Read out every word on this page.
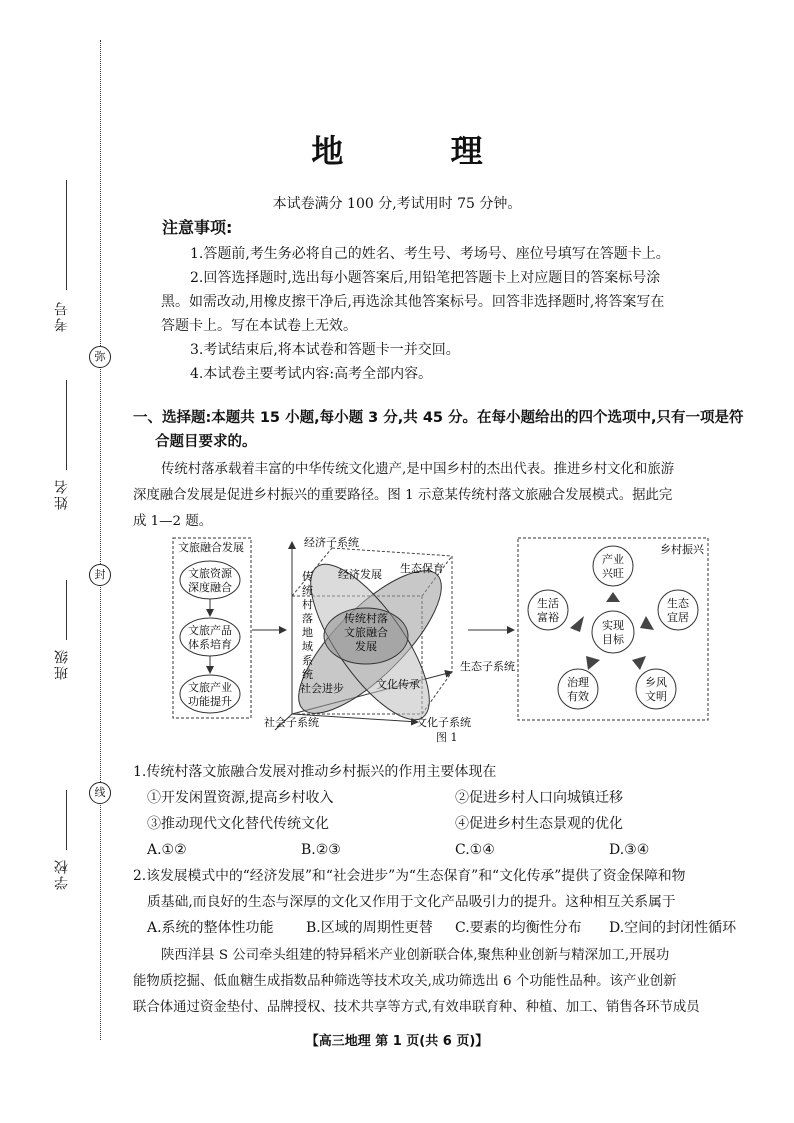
弥
封
线
考号
姓名
班级
学校
地 理
本试卷满分 100 分,考试用时 75 分钟。
注意事项:
1.答题前,考生务必将自己的姓名、考生号、考场号、座位号填写在答题卡上。
2.回答选择题时,选出每小题答案后,用铅笔把答题卡上对应题目的答案标号涂
黑。如需改动,用橡皮擦干净后,再选涂其他答案标号。回答非选择题时,将答案写在
答题卡上。写在本试卷上无效。
3.考试结束后,将本试卷和答题卡一并交回。
4.本试卷主要考试内容:高考全部内容。
一、选择题:本题共 15 小题,每小题 3 分,共 45 分。在每小题给出的四个选项中,只有一项是符
合题目要求的。
传统村落承载着丰富的中华传统文化遗产,是中国乡村的杰出代表。推进乡村文化和旅游
深度融合发展是促进乡村振兴的重要路径。图 1 示意某传统村落文旅融合发展模式。据此完
成 1—2 题。
文旅融合发展
文旅资源
深度融合
文旅产品
体系培育
文旅产业
功能提升
经济子系统
生态子系统
社会子系统	文化子系统
经济发展 生态保育
社会进步	文化传承
传
统
村
落
地
域
系
统
传统村落
文旅融合
发展
乡村振兴
产业
兴旺
生态
宜居
乡风
文明
治理
有效
生活
富裕
实现
目标
图 1
1.传统村落文旅融合发展对推动乡村振兴的作用主要体现在
①开发闲置资源,提高乡村收入	②促进乡村人口向城镇迁移
③推动现代文化替代传统文化	④促进乡村生态景观的优化
A.①②	B.②③	C.①④	D.③④
2.该发展模式中的“经济发展”和“社会进步”为“生态保育”和“文化传承”提供了资金保障和物
质基础,而良好的生态与深厚的文化又作用于文化产品吸引力的提升。这种相互关系属于
A.系统的整体性功能 B.区域的周期性更替 C.要素的均衡性分布 D.空间的封闭性循环
陕西洋县 S 公司牵头组建的特异稻米产业创新联合体,聚焦种业创新与精深加工,开展功
能物质挖掘、低血糖生成指数品种筛选等技术攻关,成功筛选出 6 个功能性品种。该产业创新
联合体通过资金垫付、品牌授权、技术共享等方式,有效串联育种、种植、加工、销售各环节成员
【高三地理 第 1 页(共 6 页)】
